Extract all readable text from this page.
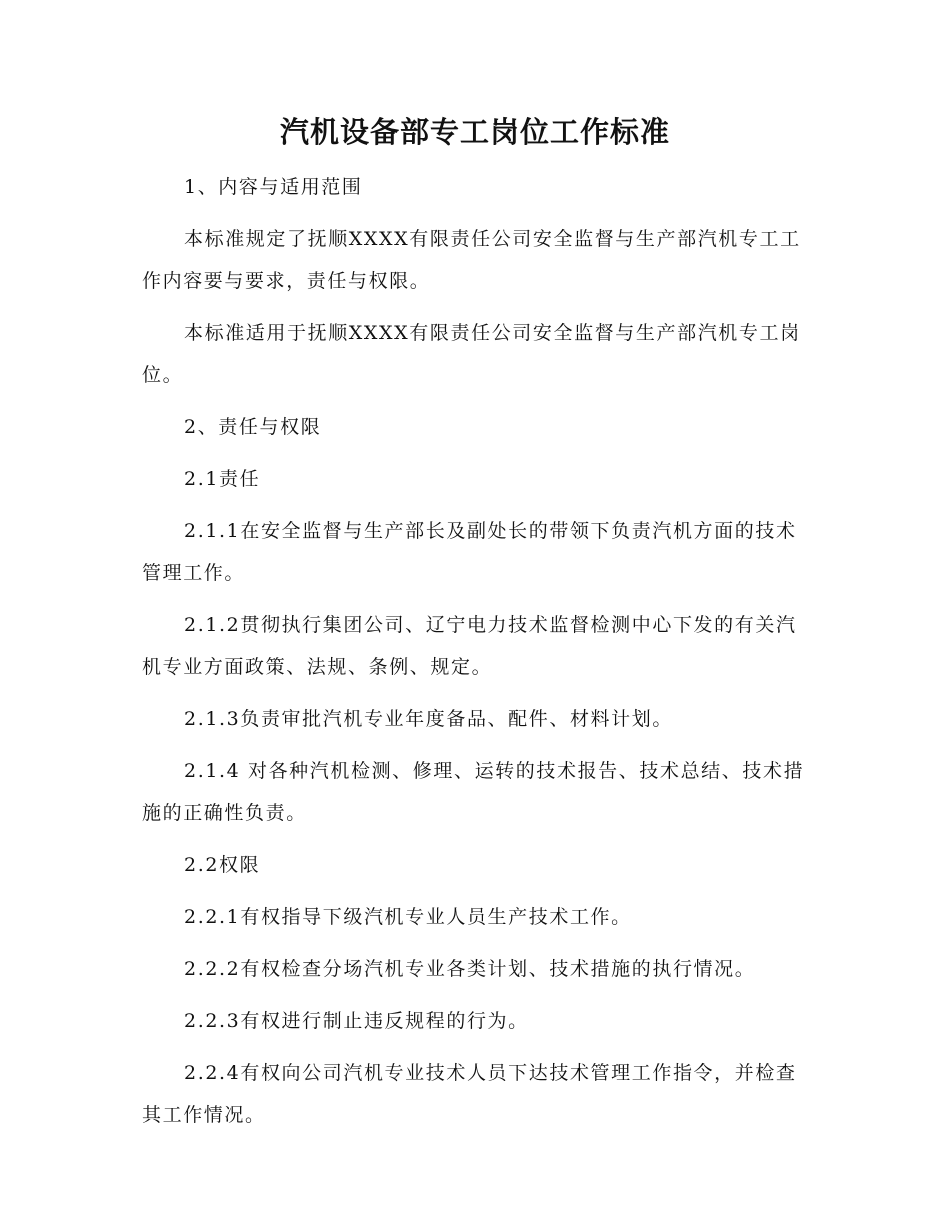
汽机设备部专工岗位工作标准

1、内容与适用范围

本标准规定了抚顺XXXX有限责任公司安全监督与生产部汽机专工工作内容要与要求，责任与权限。

本标准适用于抚顺XXXX有限责任公司安全监督与生产部汽机专工岗位。

2、责任与权限

2.1责任

2.1.1在安全监督与生产部长及副处长的带领下负责汽机方面的技术管理工作。

2.1.2贯彻执行集团公司、辽宁电力技术监督检测中心下发的有关汽机专业方面政策、法规、条例、规定。

2.1.3负责审批汽机专业年度备品、配件、材料计划。

2.1.4 对各种汽机检测、修理、运转的技术报告、技术总结、技术措施的正确性负责。

2.2权限

2.2.1有权指导下级汽机专业人员生产技术工作。

2.2.2有权检查分场汽机专业各类计划、技术措施的执行情况。

2.2.3有权进行制止违反规程的行为。

2.2.4有权向公司汽机专业技术人员下达技术管理工作指令，并检查其工作情况。
